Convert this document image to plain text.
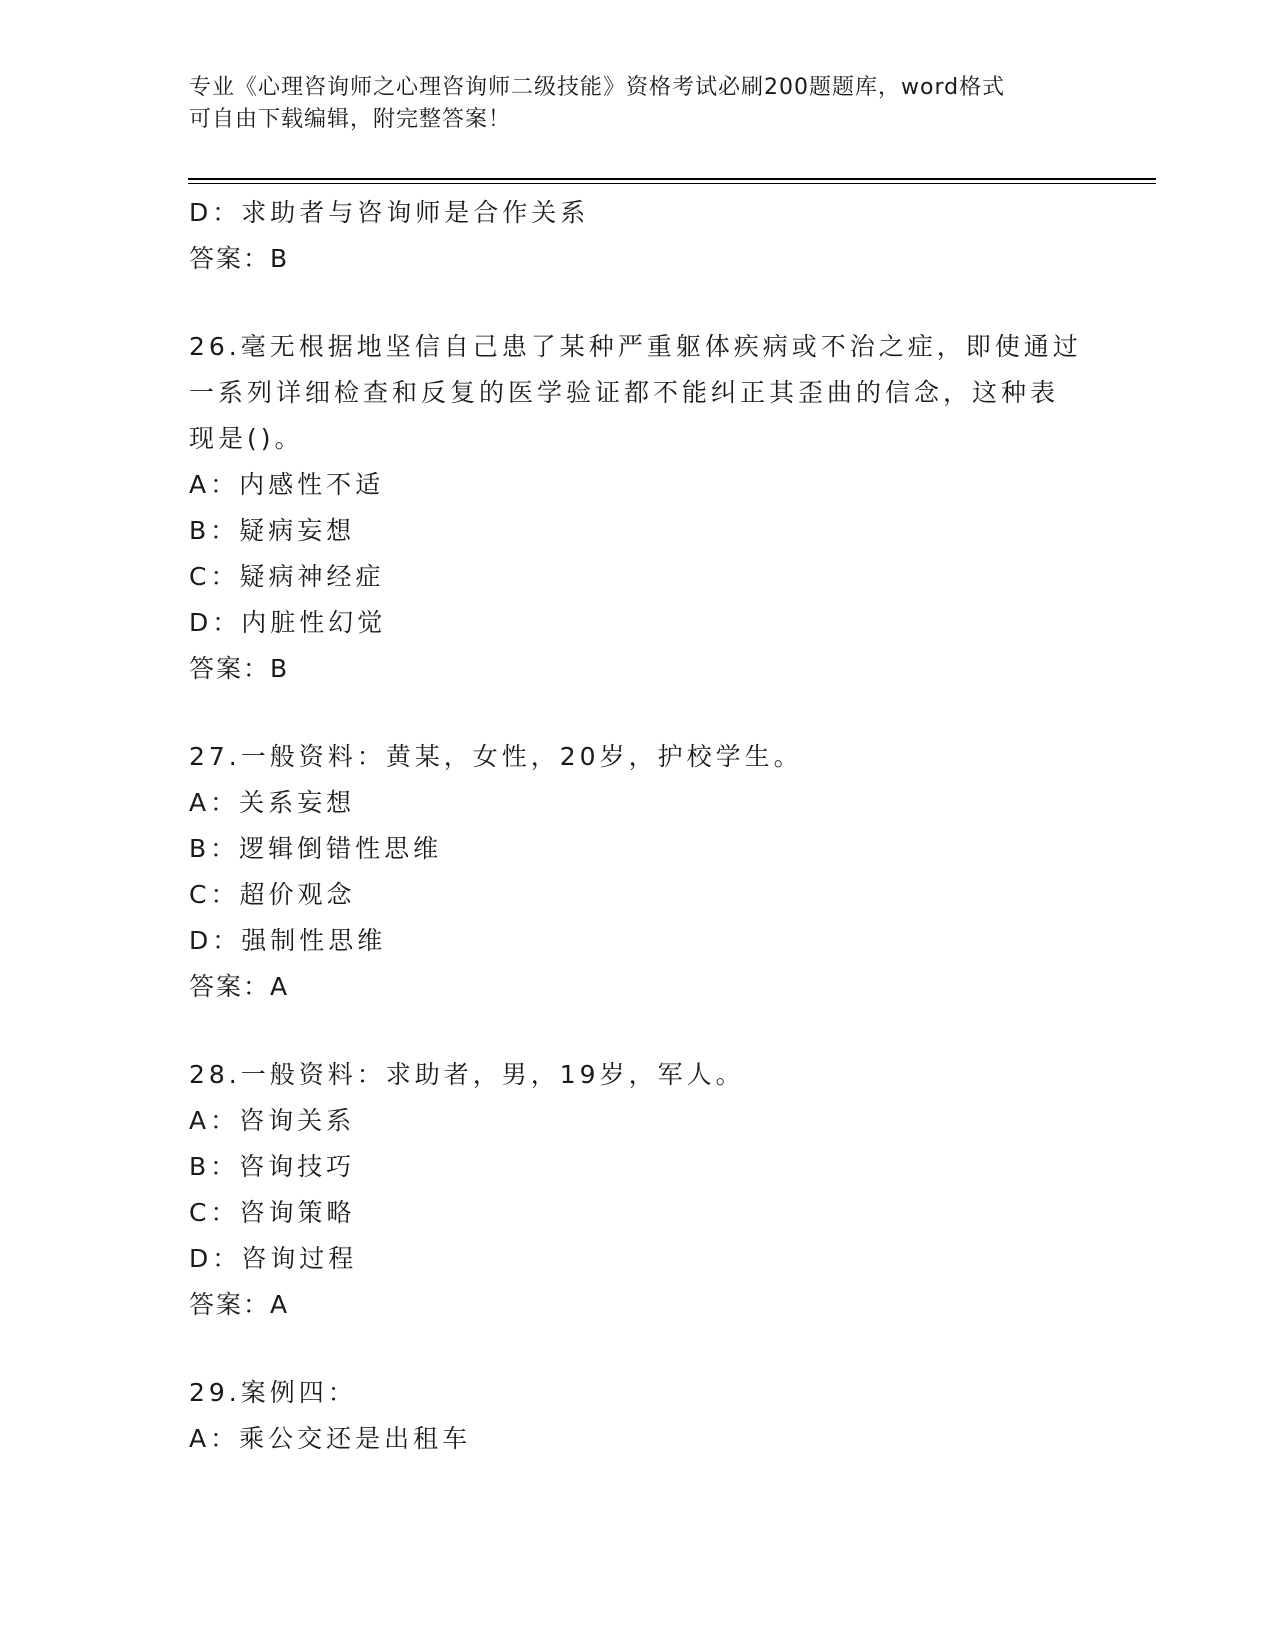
专业《心理咨询师之心理咨询师二级技能》资格考试必刷200题题库，word格式
可自由下载编辑，附完整答案！
D：求助者与咨询师是合作关系
答案：B
26.毫无根据地坚信自己患了某种严重躯体疾病或不治之症，即使通过
一系列详细检查和反复的医学验证都不能纠正其歪曲的信念，这种表
现是()。
A：内感性不适
B：疑病妄想
C：疑病神经症
D：内脏性幻觉
答案：B
27.一般资料：黄某，女性，20岁，护校学生。
A：关系妄想
B：逻辑倒错性思维
C：超价观念
D：强制性思维
答案：A
28.一般资料：求助者，男，19岁，军人。
A：咨询关系
B：咨询技巧
C：咨询策略
D：咨询过程
答案：A
29.案例四：
A：乘公交还是出租车
